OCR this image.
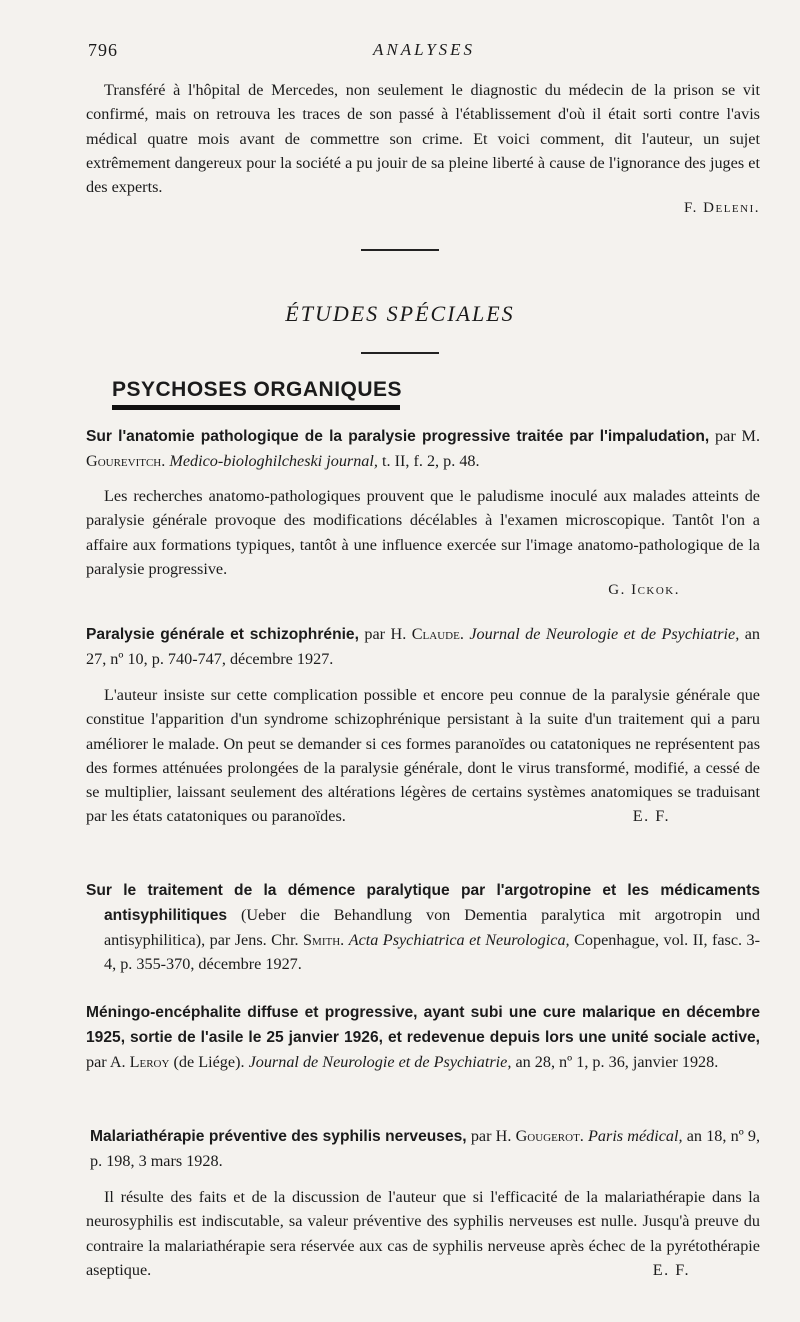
796	ANALYSES

Transféré à l'hôpital de Mercedes, non seulement le diagnostic du médecin de la prison se vit confirmé, mais on retrouva les traces de son passé à l'établissement d'où il était sorti contre l'avis médical quatre mois avant de commettre son crime. Et voici comment, dit l'auteur, un sujet extrêmement dangereux pour la société a pu jouir de sa pleine liberté à cause de l'ignorance des juges et des experts.

F. Deleni.

ÉTUDES SPÉCIALES
PSYCHOSES ORGANIQUES

Sur l'anatomie pathologique de la paralysie progressive traitée par l'impaludation, par M. Gourevitch. Medico-biologhilcheski journal, t. II, f. 2, p. 48.

Les recherches anatomo-pathologiques prouvent que le paludisme inoculé aux malades atteints de paralysie générale provoque des modifications décélables à l'examen microscopique. Tantôt l'on a affaire aux formations typiques, tantôt à une influence exercée sur l'image anatomo-pathologique de la paralysie progressive.

G. Ickok.

Paralysie générale et schizophrénie, par H. Claude. Journal de Neurologie et de Psychiatrie, an 27, nº 10, p. 740-747, décembre 1927.

L'auteur insiste sur cette complication possible et encore peu connue de la paralysie générale que constitue l'apparition d'un syndrome schizophrénique persistant à la suite d'un traitement qui a paru améliorer le malade. On peut se demander si ces formes paranoïdes ou catatoniques ne représentent pas des formes atténuées prolongées de la paralysie générale, dont le virus transformé, modifié, a cessé de se multiplier, laissant seulement des altérations légères de certains systèmes anatomiques se traduisant par les états catatoniques ou paranoïdes.	E. F.

Sur le traitement de la démence paralytique par l'argotropine et les médicaments antisyphilitiques (Ueber die Behandlung von Dementia paralytica mit argotropin und antisyphilitica), par Jens. Chr. Smith. Acta Psychiatrica et Neurologica, Copenhague, vol. II, fasc. 3-4, p. 355-370, décembre 1927.

Méningo-encéphalite diffuse et progressive, ayant subi une cure malarique en décembre 1925, sortie de l'asile le 25 janvier 1926, et redevenue depuis lors une unité sociale active, par A. Leroy (de Liége). Journal de Neurologie et de Psychiatrie, an 28, nº 1, p. 36, janvier 1928.

Malariathérapie préventive des syphilis nerveuses, par H. Gougerot. Paris médical, an 18, nº 9, p. 198, 3 mars 1928.

Il résulte des faits et de la discussion de l'auteur que si l'efficacité de la malariathérapie dans la neurosyphilis est indiscutable, sa valeur préventive des syphilis nerveuses est nulle. Jusqu'à preuve du contraire la malariathérapie sera réservée aux cas de syphilis nerveuse après échec de la pyrétothérapie aseptique.	E. F.
